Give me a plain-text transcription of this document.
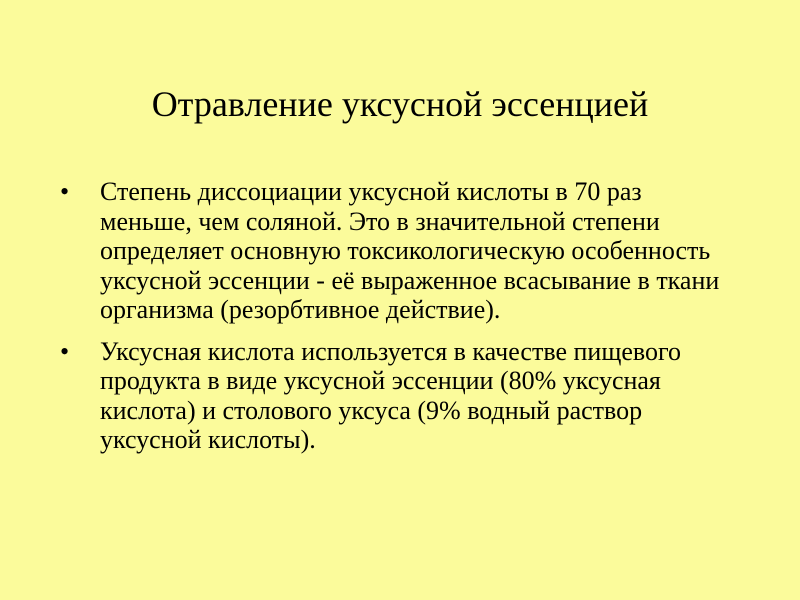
Отравление уксусной эссенцией
• Степень диссоциации уксусной кислоты в 70 раз меньше, чем соляной. Это в значительной степени определяет основную токсикологическую особенность уксусной эссенции - её выраженное всасывание в ткани организма (резорбтивное действие).
• Уксусная кислота используется в качестве пищевого продукта в виде уксусной эссенции (80% уксусная кислота) и столового уксуса (9% водный раствор уксусной кислоты).
